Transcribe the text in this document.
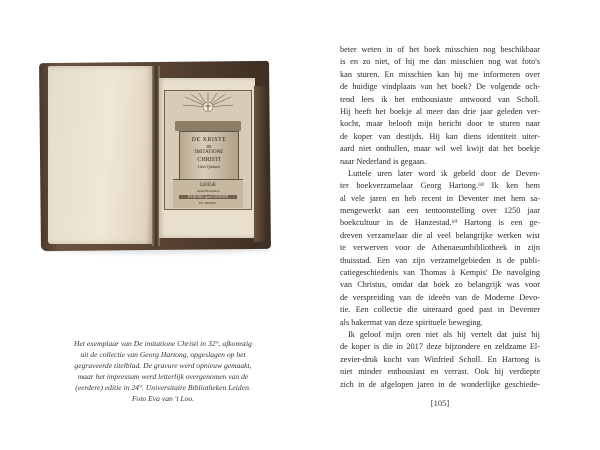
DE XRISTE
DE
IMITATIONE
CHRISTI
Libri Quatuor
LEIDÆ
Apud Elzevirios
PARISIIS apud ANSONI
ET JOANN.
Het exemplaar van De imitatione Christi in 32°, afkomstig
uit de collectie van Georg Hartong, opgeslagen op het
gegraveerde titelblad. De gravure werd opnieuw gemaakt,
maar het impressum werd letterlijk overgenomen van de
(eerdere) editie in 24°. Universitaire Bibliotheken Leiden.
Foto Eva van 't Loo.
beter weten in of het boek misschien nog beschikbaar
is en zo niet, of hij me dan misschien nog wat foto's
kan sturen. En misschien kan hij me informeren over
de huidige vindplaats van het boek? De volgende och-
tend lees ik het enthousiaste antwoord van Scholl.
Hij heeft het boekje al meer dan drie jaar geleden ver-
kocht, maar belooft mijn bericht door te sturen naar
de koper van destijds. Hij kan diens identiteit uiter-
aard niet onthullen, maar wil wel kwijt dat het boekje
naar Nederland is gegaan.
Luttele uren later word ik gebeld door de Deven-
ter boekverzamelaar Georg Hartong.⁶⁸ Ik ken hem
al vele jaren en heb recent in Deventer met hem sa-
mengewerkt aan een tentoonstelling over 1250 jaar
boekcultuur in de Hanzestad.⁶⁹ Hartong is een ge-
dreven verzamelaar die al veel belangrijke werken wist
te verwerven voor de Athenaeumbibliotheek in zijn
thuisstad. Een van zijn verzamelgebieden is de publi-
catiegeschiedenis van Thomas à Kempis' De navolging
van Christus, omdat dat boek zo belangrijk was voor
de verspreiding van de ideeën van de Moderne Devo-
tie. Een collectie die uiteraard goed past in Deventer
als bakermat van deze spirituele beweging.
Ik geloof mijn oren niet als hij vertelt dat juist hij
de koper is die in 2017 deze bijzondere en zeldzame El-
zevier-druk kocht van Winfried Scholl. En Hartong is
niet minder enthousiast en verrast. Ook hij verdiepte
zich in de afgelopen jaren in de wonderlijke geschiede-
[105]
